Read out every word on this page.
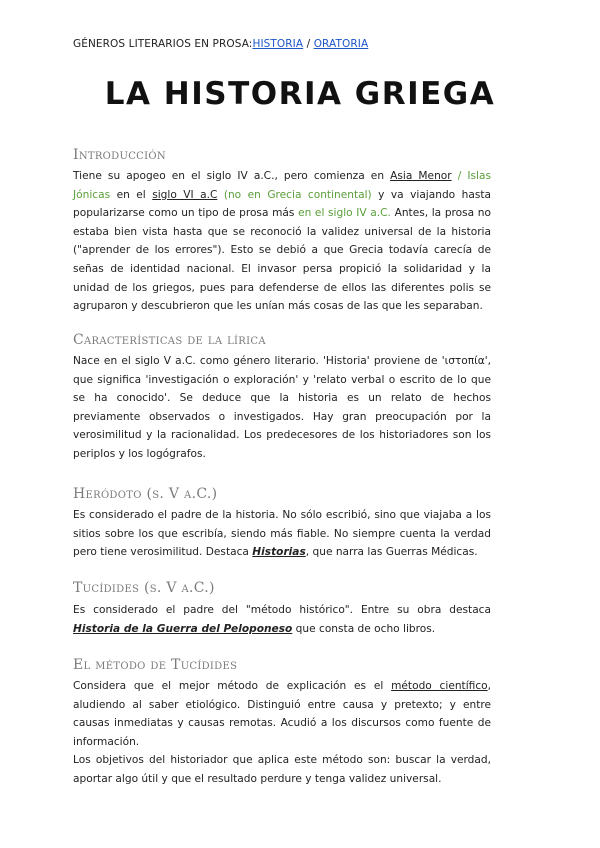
GÉNEROS LITERARIOS EN PROSA:HISTORIA / ORATORIA
LA HISTORIA GRIEGA
Introducción

Tiene su apogeo en el siglo IV a.C., pero comienza en Asia Menor / Islas Jónicas en el siglo VI a.C (no en Grecia continental) y va viajando hasta popularizarse como un tipo de prosa más en el siglo IV a.C. Antes, la prosa no estaba bien vista hasta que se reconoció la validez universal de la historia ("aprender de los errores"). Esto se debió a que Grecia todavía carecía de señas de identidad nacional. El invasor persa propició la solidaridad y la unidad de los griegos, pues para defenderse de ellos las diferentes polis se agruparon y descubrieron que les unían más cosas de las que les separaban.

Características de la lírica

Nace en el siglo V a.C. como género literario. 'Historia' proviene de 'ιστοπία', que significa 'investigación o exploración' y 'relato verbal o escrito de lo que se ha conocido'. Se deduce que la historia es un relato de hechos previamente observados o investigados. Hay gran preocupación por la verosimilitud y la racionalidad. Los predecesores de los historiadores son los periplos y los logógrafos.

Heródoto (s. V a.C.)

Es considerado el padre de la historia. No sólo escribió, sino que viajaba a los sitios sobre los que escribía, siendo más fiable. No siempre cuenta la verdad pero tiene verosimilitud. Destaca Historias, que narra las Guerras Médicas.

Tucídides (s. V a.C.)

Es considerado el padre del "método histórico". Entre su obra destaca Historia de la Guerra del Peloponeso que consta de ocho libros.

El método de Tucídides

Considera que el mejor método de explicación es el método científico, aludiendo al saber etiológico. Distinguió entre causa y pretexto; y entre causas inmediatas y causas remotas. Acudió a los discursos como fuente de información.

Los objetivos del historiador que aplica este método son: buscar la verdad, aportar algo útil y que el resultado perdure y tenga validez universal.
